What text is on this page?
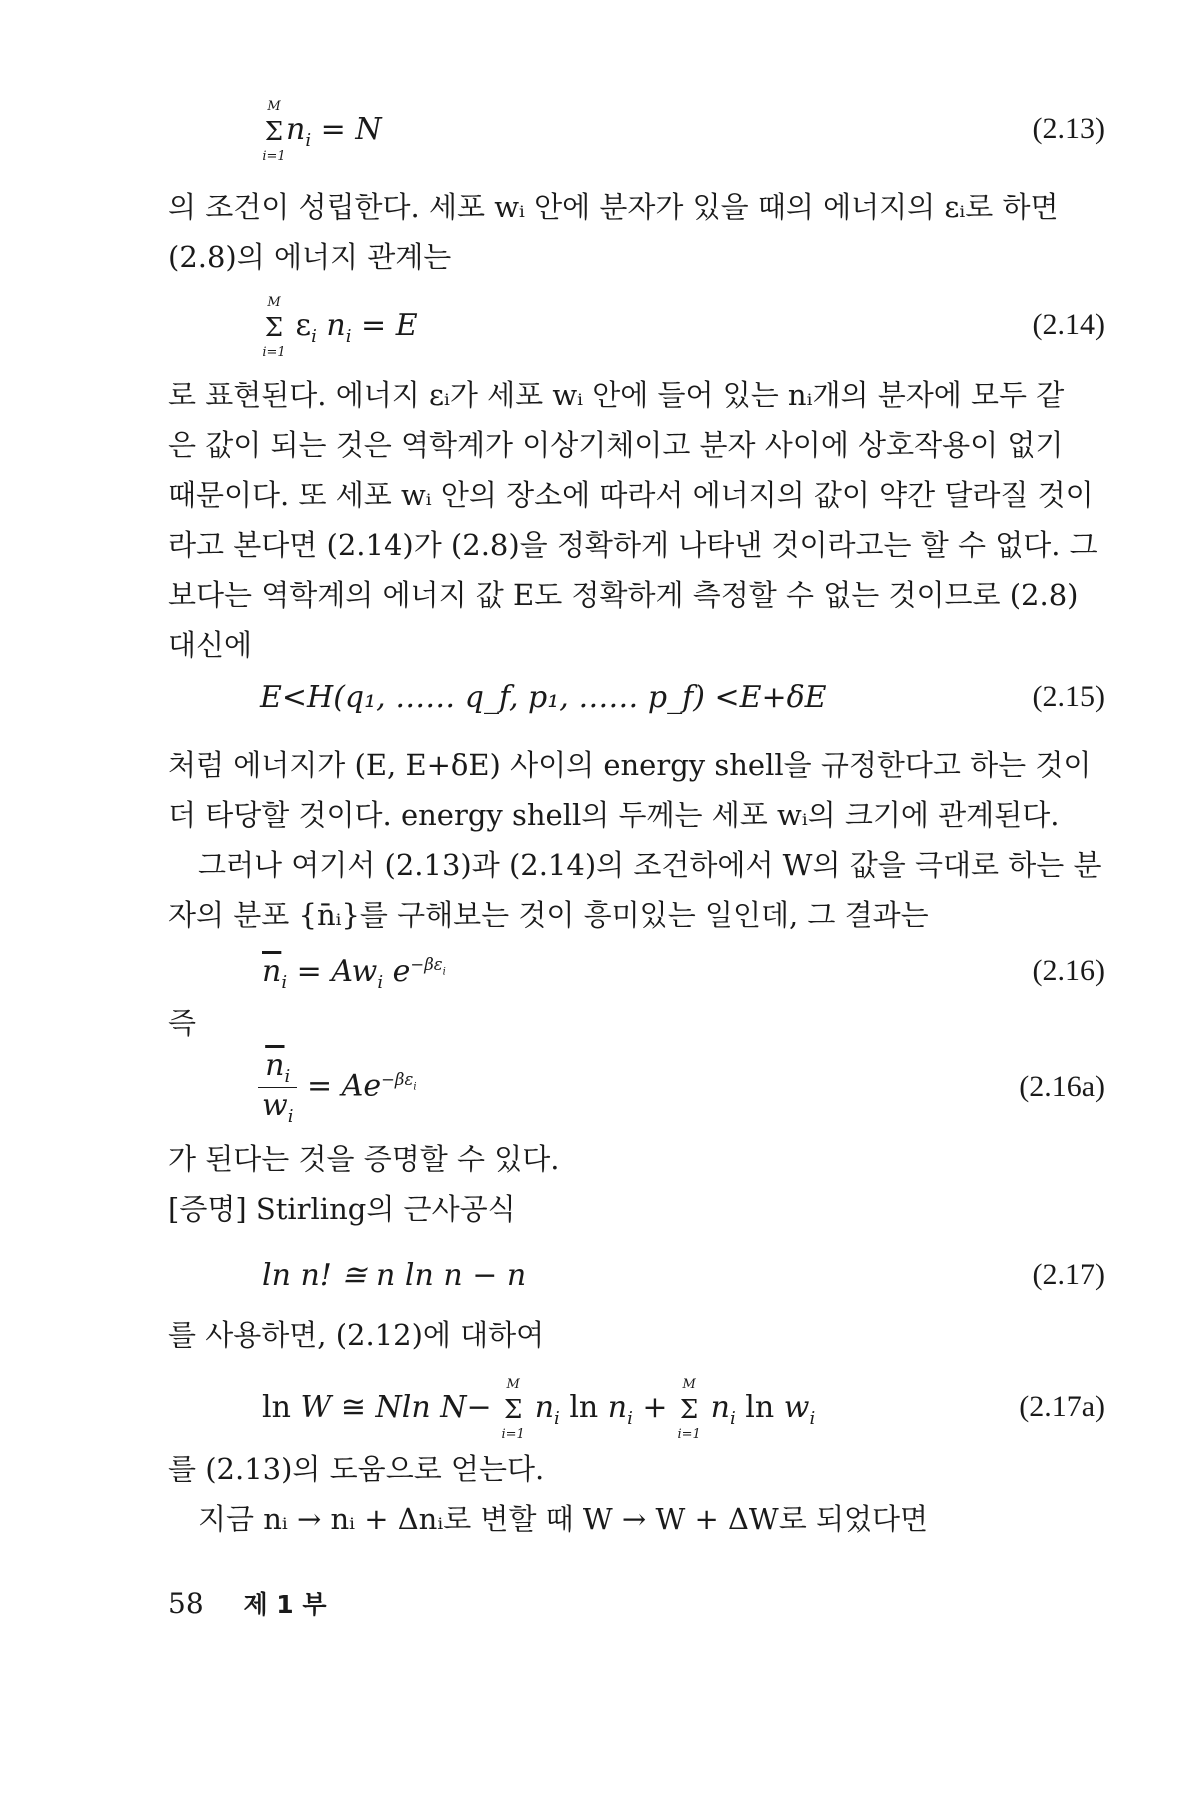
M
Σ
i=1
$n_i = N$	(2.13)
의 조건이 성립한다. 세포 wᵢ 안에 분자가 있을 때의 에너지의 εᵢ로 하면
(2.8)의 에너지 관계는
M
Σ
i=1
$\varepsilon_i$ $n_i = E$	(2.14)
로 표현된다. 에너지 εᵢ가 세포 wᵢ 안에 들어 있는 nᵢ개의 분자에 모두 같
은 값이 되는 것은 역학계가 이상기체이고 분자 사이에 상호작용이 없기
때문이다. 또 세포 wᵢ 안의 장소에 따라서 에너지의 값이 약간 달라질 것이
라고 본다면 (2.14)가 (2.8)을 정확하게 나타낸 것이라고는 할 수 없다. 그
보다는 역학계의 에너지 값 E도 정확하게 측정할 수 없는 것이므로 (2.8)
대신에
E<H(q₁, …… q_f, p₁, …… p_f) <E+δE	(2.15)
처럼 에너지가 (E, E+δE) 사이의 energy shell을 규정한다고 하는 것이
더 타당할 것이다. energy shell의 두께는 세포 wᵢ의 크기에 관계된다.
그러나 여기서 (2.13)과 (2.14)의 조건하에서 W의 값을 극대로 하는 분
자의 분포 {n̄ᵢ}를 구해보는 것이 흥미있는 일인데, 그 결과는
$\overline{n}_i = Aw_i$ $e^{-\beta\varepsilon_i}$	(2.16)
즉
$\frac{\overline{n}_i}{w_i} = Ae^{-\beta\varepsilon_i}$	(2.16a)
가 된다는 것을 증명할 수 있다.
[증명] Stirling의 근사공식
ln n! ≅ n ln n − n	(2.17)
를 사용하면, (2.12)에 대하여
ln W ≅ Nln N−
M
Σ
i=1
$n_i$ $\ln n_i$ +
M
Σ
i=1
$n_i$ $\ln w_i$	(2.17a)
를 (2.13)의 도움으로 얻는다.
지금 nᵢ → nᵢ + Δnᵢ로 변할 때 W → W + ΔW로 되었다면
58 제 1 부
